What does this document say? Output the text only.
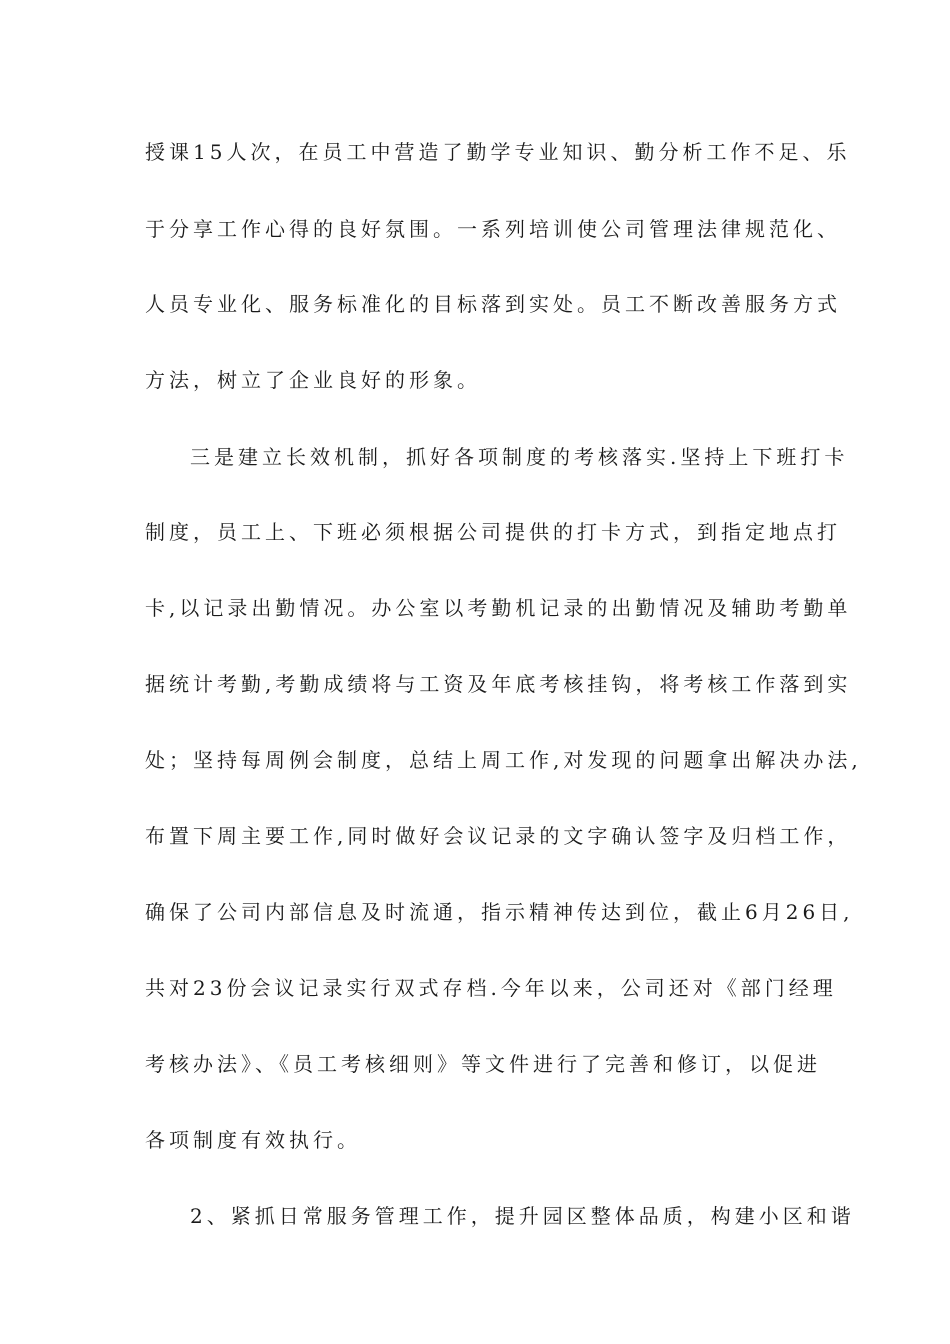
授课15人次，在员工中营造了勤学专业知识、勤分析工作不足、乐
于分享工作心得的良好氛围。一系列培训使公司管理法律规范化、
人员专业化、服务标准化的目标落到实处。员工不断改善服务方式
方法，树立了企业良好的形象。
三是建立长效机制，抓好各项制度的考核落实.坚持上下班打卡
制度，员工上、下班必须根据公司提供的打卡方式，到指定地点打
卡,以记录出勤情况。办公室以考勤机记录的出勤情况及辅助考勤单
据统计考勤,考勤成绩将与工资及年底考核挂钩，将考核工作落到实
处；坚持每周例会制度，总结上周工作,对发现的问题拿出解决办法,
布置下周主要工作,同时做好会议记录的文字确认签字及归档工作，
确保了公司内部信息及时流通，指示精神传达到位，截止6月26日,
共对23份会议记录实行双式存档.今年以来，公司还对《部门经理
考核办法》、《员工考核细则》等文件进行了完善和修订，以促进
各项制度有效执行。
2、紧抓日常服务管理工作，提升园区整体品质，构建小区和谐
